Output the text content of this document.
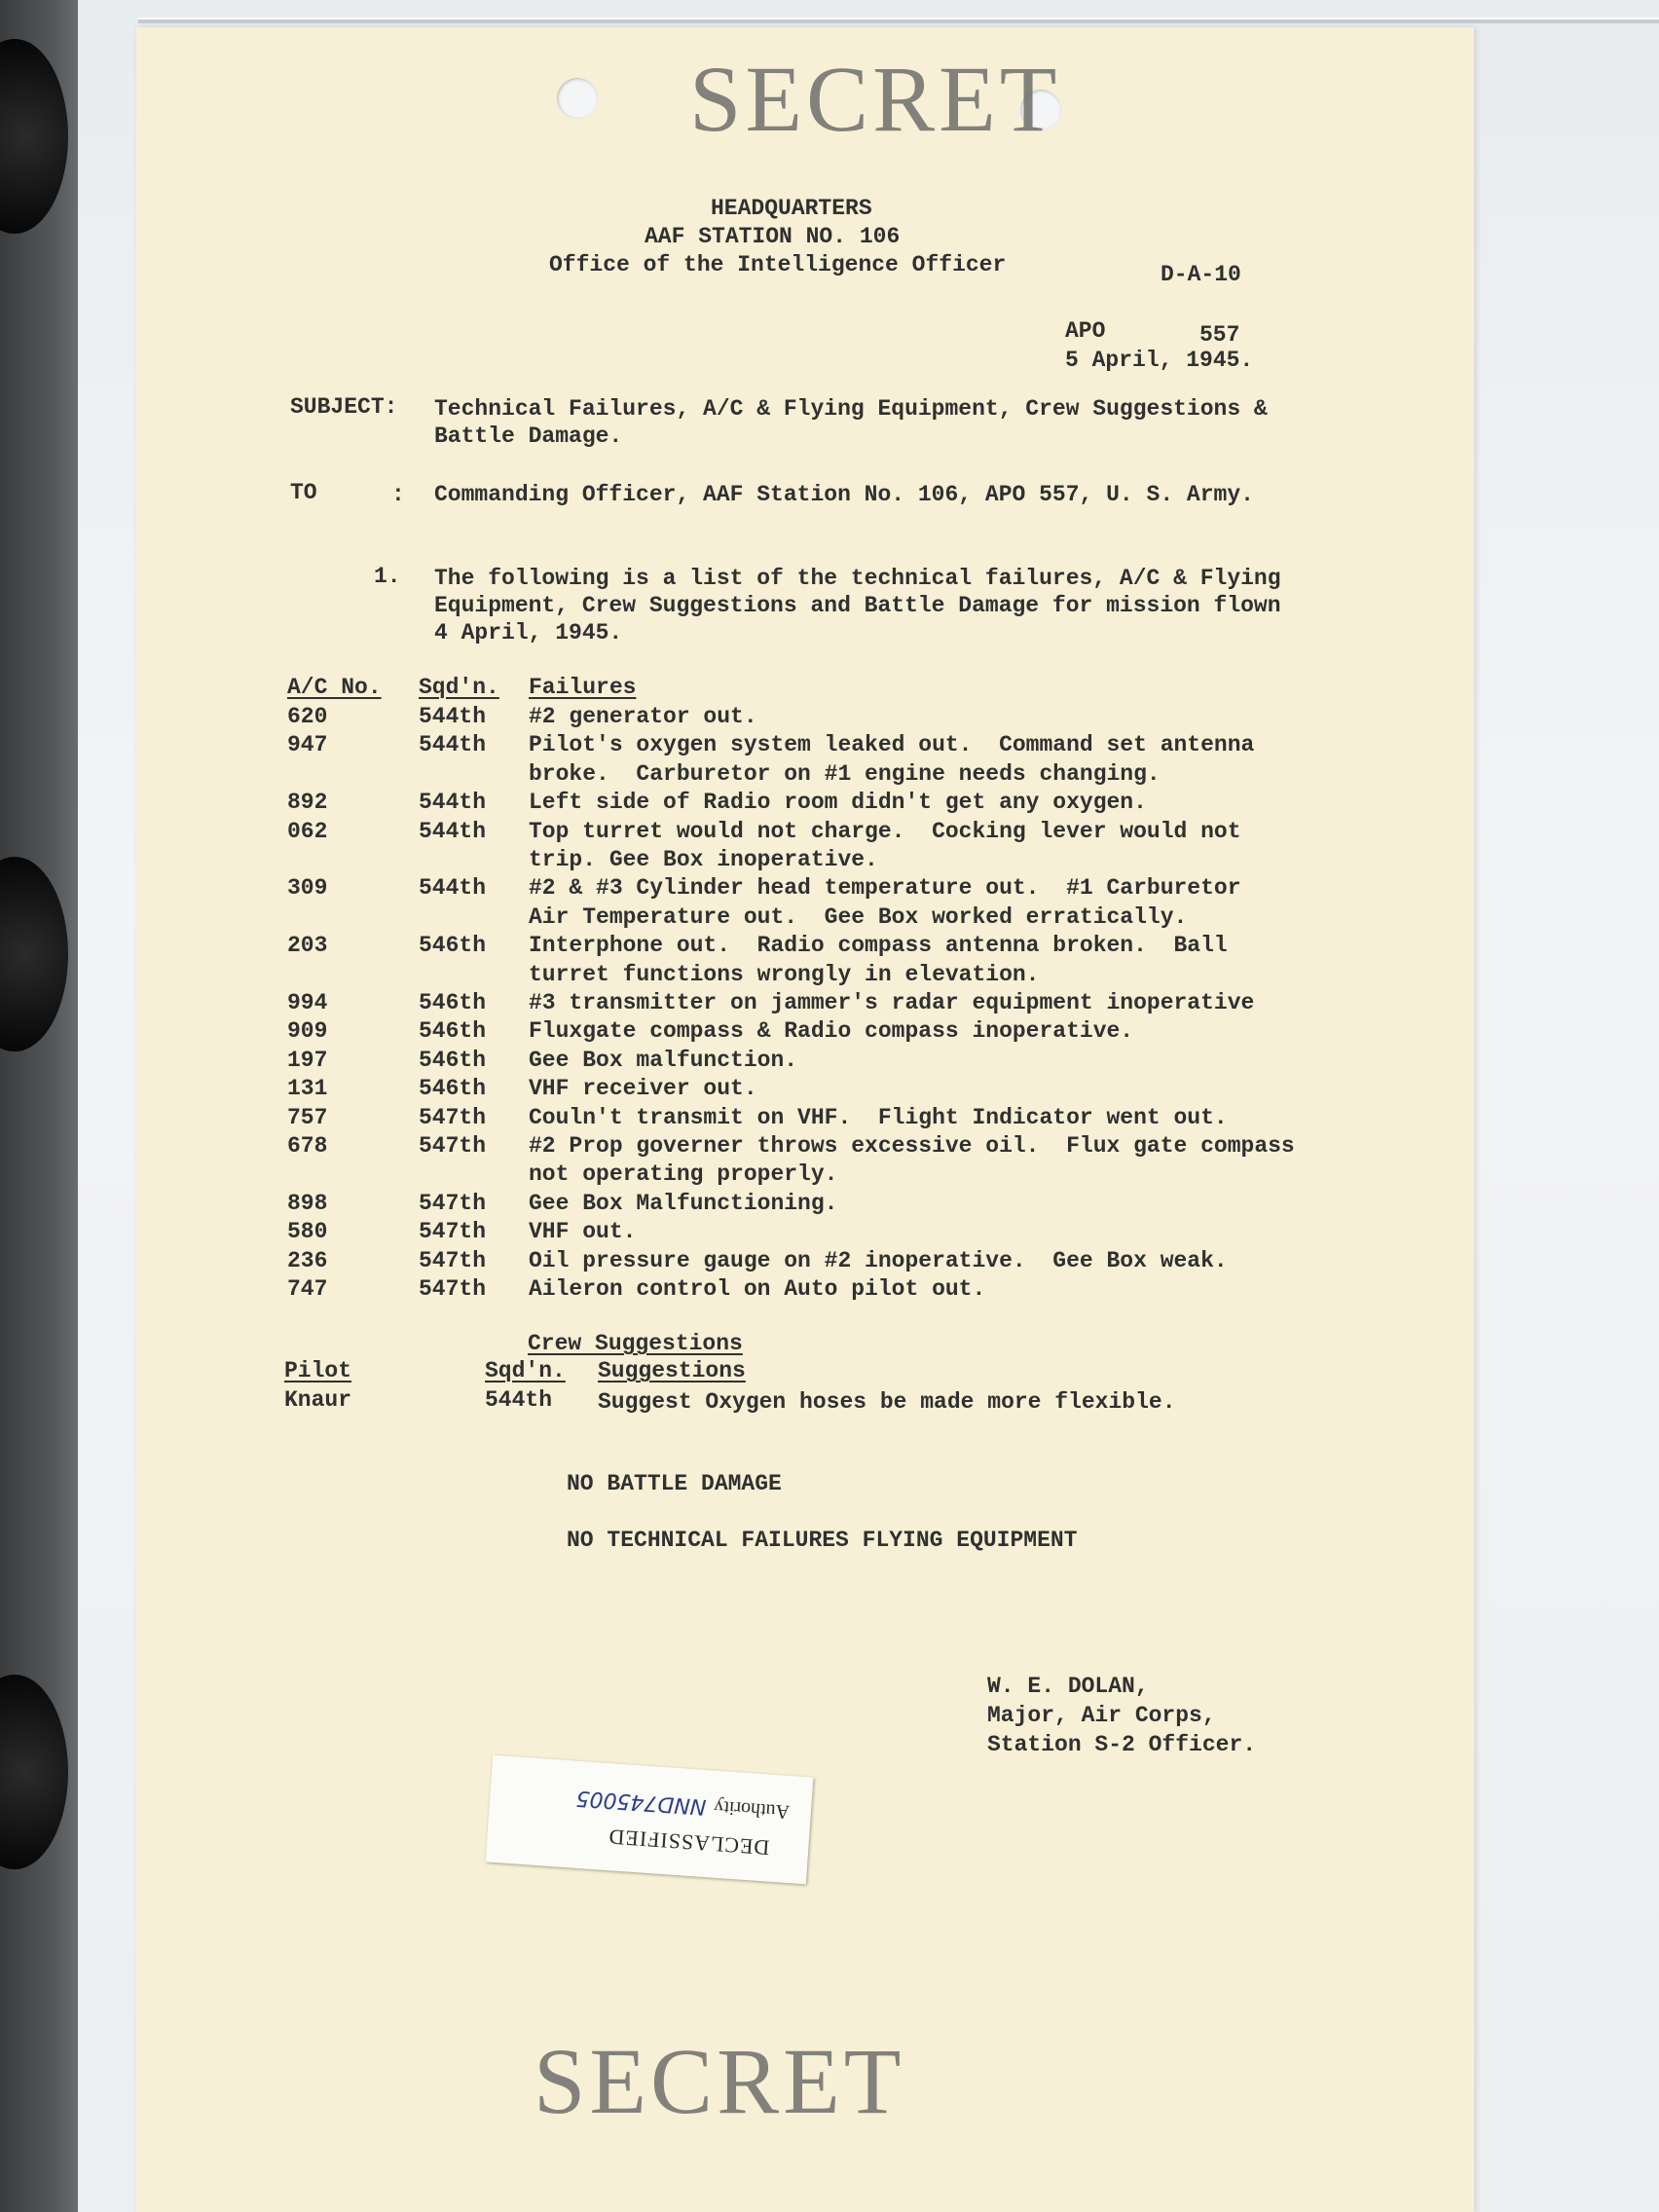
SECRET
HEADQUARTERS
AAF STATION NO. 106
Office of the Intelligence Officer	D-A-10
APO	557
5 April, 1945.
SUBJECT: Technical Failures, A/C & Flying Equipment, Crew Suggestions &
Battle Damage.
TO	: Commanding Officer, AAF Station No. 106, APO 557, U. S. Army.
1. The following is a list of the technical failures, A/C & Flying
Equipment, Crew Suggestions and Battle Damage for mission flown
4 April, 1945.
A/C No. Sqd'n. Failures
620	544th #2 generator out.
947	544th Pilot's oxygen system leaked out.  Command set antenna
broke.  Carburetor on #1 engine needs changing.
892	544th Left side of Radio room didn't get any oxygen.
062	544th Top turret would not charge.  Cocking lever would not
trip. Gee Box inoperative.
309	544th #2 & #3 Cylinder head temperature out.  #1 Carburetor
Air Temperature out.  Gee Box worked erratically.
203	546th Interphone out.  Radio compass antenna broken.  Ball
turret functions wrongly in elevation.
994	546th #3 transmitter on jammer's radar equipment inoperative
909	546th Fluxgate compass & Radio compass inoperative.
197	546th Gee Box malfunction.
131	546th VHF receiver out.
757	547th Couln't transmit on VHF.  Flight Indicator went out.
678	547th #2 Prop governer throws excessive oil.  Flux gate compass
not operating properly.
898	547th Gee Box Malfunctioning.
580	547th VHF out.
236	547th Oil pressure gauge on #2 inoperative.  Gee Box weak.
747	547th Aileron control on Auto pilot out.
Crew Suggestions
Pilot	Sqd'n. Suggestions
Knaur	544th Suggest Oxygen hoses be made more flexible.
NO BATTLE DAMAGE
NO TECHNICAL FAILURES FLYING EQUIPMENT
W. E. DOLAN,
Major, Air Corps,
Station S-2 Officer.
DECLASSIFIED
AuthorityNND745005
SECRET
